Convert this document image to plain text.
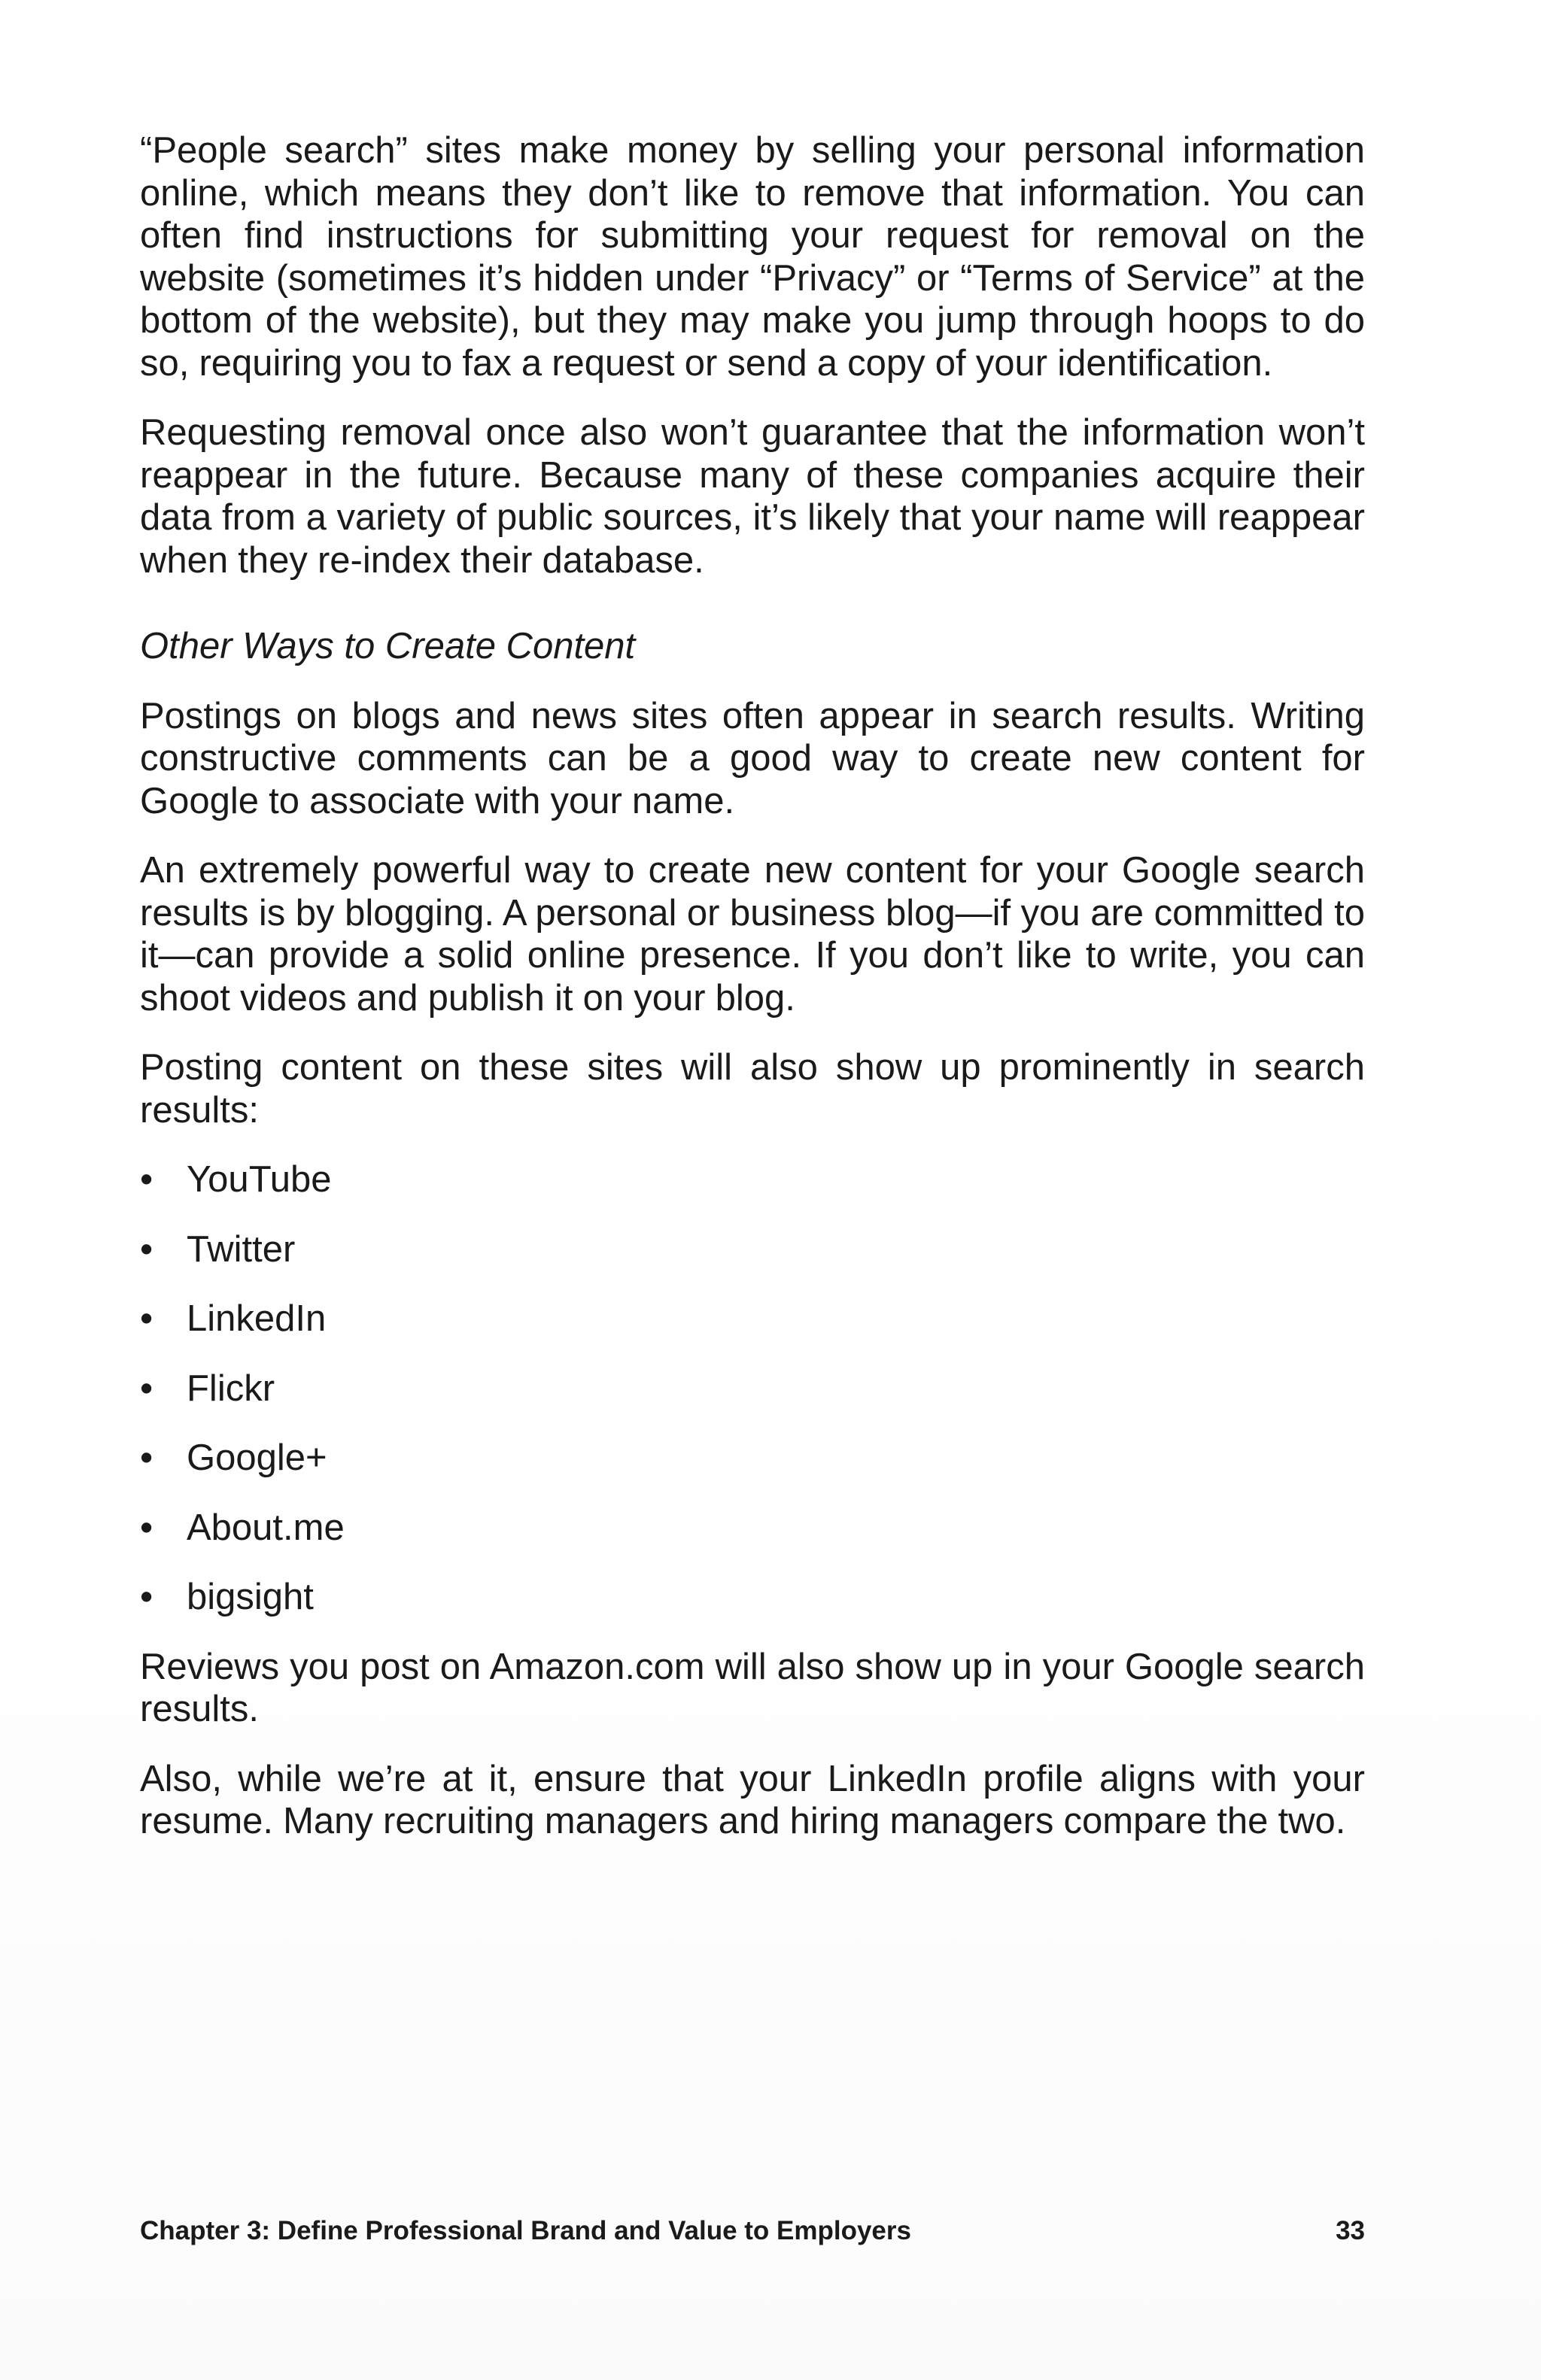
“People search” sites make money by selling your personal information online, which means they don’t like to remove that information. You can often find instructions for submitting your request for removal on the website (sometimes it’s hidden under “Privacy” or “Terms of Service” at the bottom of the website), but they may make you jump through hoops to do so, requiring you to fax a request or send a copy of your identification.

Requesting removal once also won’t guarantee that the information won’t reappear in the future. Because many of these companies acquire their data from a variety of public sources, it’s likely that your name will reappear when they re-index their database.

Other Ways to Create Content

Postings on blogs and news sites often appear in search results. Writing constructive comments can be a good way to create new content for Google to associate with your name.

An extremely powerful way to create new content for your Google search results is by blogging. A personal or business blog—if you are committed to it—can provide a solid online presence. If you don’t like to write, you can shoot videos and publish it on your blog.

Posting content on these sites will also show up prominently in search results:

• YouTube
• Twitter
• LinkedIn
• Flickr
• Google+
• About.me
• bigsight

Reviews you post on Amazon.com will also show up in your Google search results.

Also, while we’re at it, ensure that your LinkedIn profile aligns with your resume. Many recruiting managers and hiring managers compare the two.

Chapter 3: Define Professional Brand and Value to Employers	33
